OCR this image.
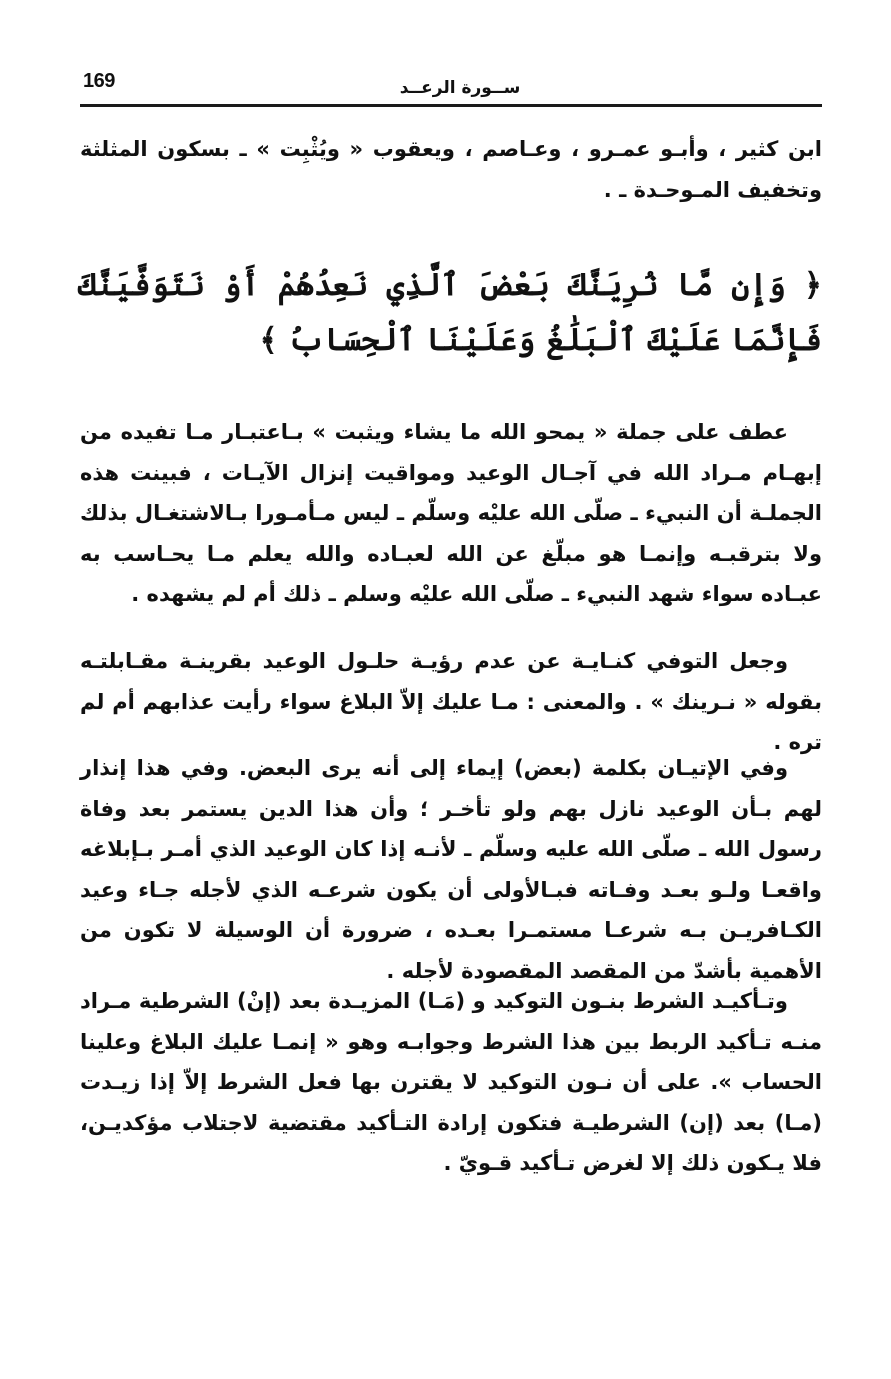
169	ســورة الرعــد

ابن كثير ، وأبـو عمـرو ، وعـاصم ، ويعقوب « ويُثْبِت » ـ بسكون المثلثة وتخفيف المـوحـدة ـ .

﴿ وَإِن مَّا نُرِيَنَّكَ بَعْضَ ٱلَّذِي نَعِدُهُمْ أَوْ نَتَوَفَّيَنَّكَ فَإِنَّمَا عَلَيْكَ ٱلْبَلَٰغُ وَعَلَيْنَا ٱلْحِسَابُ ﴾

عطف على جملة « يمحو الله ما يشاء ويثبت » بـاعتبـار مـا تفيده من إبهـام مـراد الله في آجـال الوعيد ومواقيت إنزال الآيـات ، فبينت هذه الجملـة أن النبيء ـ صلّى الله عليْه وسلّم ـ ليس مـأمـورا بـالاشتغـال بذلك ولا بترقبـه وإنمـا هو مبلّغ عن الله لعبـاده والله يعلم مـا يحـاسب به عبـاده سواء شهد النبيء ـ صلّى الله عليْه وسلم ـ ذلك أم لم يشهده .

وجعل التوفي كنـايـة عن عدم رؤيـة حلـول الوعيد بقرينـة مقـابلتـه بقوله « نـرينك » . والمعنى : مـا عليك إلاّ البلاغ سواء رأيت عذابهم أم لم تره .

وفي الإتيـان بكلمة (بعض) إيماء إلى أنه يرى البعض. وفي هذا إنذار لهم بـأن الوعيد نازل بهم ولو تأخـر ؛ وأن هذا الدين يستمر بعد وفاة رسول الله ـ صلّى الله عليه وسلّم ـ لأنـه إذا كان الوعيد الذي أمـر بـإبلاغه واقعـا ولـو بعـد وفـاته فبـالأولى أن يكون شرعـه الذي لأجله جـاء وعيد الكـافريـن بـه شرعـا مستمـرا بعـده ، ضرورة أن الوسيلة لا تكون من الأهمية بأشدّ من المقصد المقصودة لأجله .

وتـأكيـد الشرط بنـون التوكيد و (مَـا) المزيـدة بعد (إنْ) الشرطية مـراد منـه تـأكيد الربط بين هذا الشرط وجوابـه وهو « إنمـا عليك البلاغ وعلينا الحساب ». على أن نـون التوكيد لا يقترن بها فعل الشرط إلاّ إذا زيـدت (مـا) بعد (إن) الشرطيـة فتكون إرادة التـأكيد مقتضية لاجتلاب مؤكديـن، فلا يـكون ذلك إلا لغرض تـأكيد قـويّ .
